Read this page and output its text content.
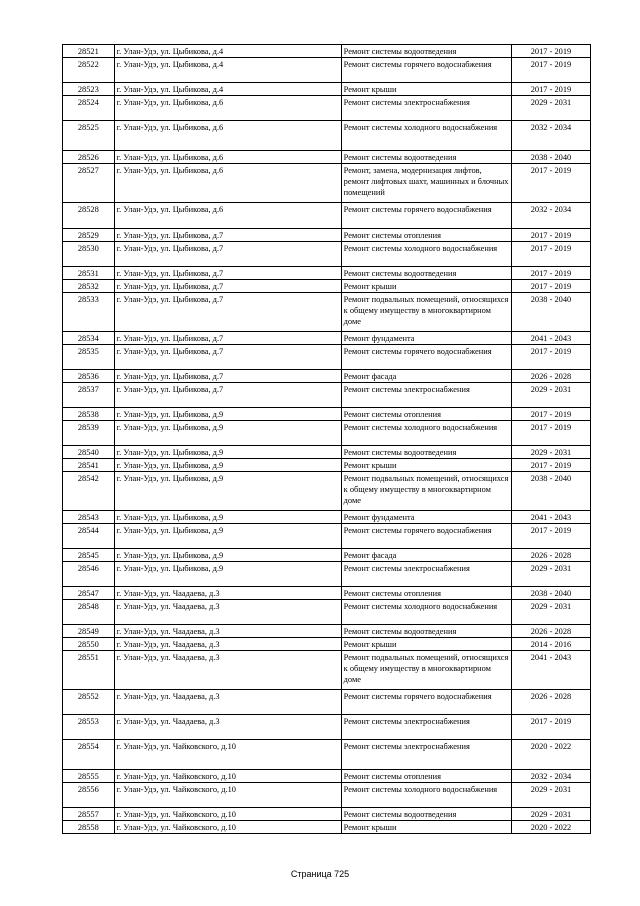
28521	г. Улан-Удэ, ул. Цыбикова, д.4	Ремонт системы водоотведения	2017 - 2019
28522	г. Улан-Удэ, ул. Цыбикова, д.4	Ремонт системы горячего водоснабжения	2017 - 2019
28523	г. Улан-Удэ, ул. Цыбикова, д.4	Ремонт крыши	2017 - 2019
28524	г. Улан-Удэ, ул. Цыбикова, д.6	Ремонт системы электроснабжения	2029 - 2031
28525	г. Улан-Удэ, ул. Цыбикова, д.6	Ремонт системы холодного водоснабжения	2032 - 2034
28526	г. Улан-Удэ, ул. Цыбикова, д.6	Ремонт системы водоотведения	2038 - 2040
28527	г. Улан-Удэ, ул. Цыбикова, д.6	Ремонт, замена, модернизация лифтов, ремонт лифтовых шахт, машинных и блочных помещений	2017 - 2019
28528	г. Улан-Удэ, ул. Цыбикова, д.6	Ремонт системы горячего водоснабжения	2032 - 2034
28529	г. Улан-Удэ, ул. Цыбикова, д.7	Ремонт системы отопления	2017 - 2019
28530	г. Улан-Удэ, ул. Цыбикова, д.7	Ремонт системы холодного водоснабжения	2017 - 2019
28531	г. Улан-Удэ, ул. Цыбикова, д.7	Ремонт системы водоотведения	2017 - 2019
28532	г. Улан-Удэ, ул. Цыбикова, д.7	Ремонт крыши	2017 - 2019
28533	г. Улан-Удэ, ул. Цыбикова, д.7	Ремонт подвальных помещений, относящихся к общему имуществу в многоквартирном доме	2038 - 2040
28534	г. Улан-Удэ, ул. Цыбикова, д.7	Ремонт фундамента	2041 - 2043
28535	г. Улан-Удэ, ул. Цыбикова, д.7	Ремонт системы горячего водоснабжения	2017 - 2019
28536	г. Улан-Удэ, ул. Цыбикова, д.7	Ремонт фасада	2026 - 2028
28537	г. Улан-Удэ, ул. Цыбикова, д.7	Ремонт системы электроснабжения	2029 - 2031
28538	г. Улан-Удэ, ул. Цыбикова, д.9	Ремонт системы отопления	2017 - 2019
28539	г. Улан-Удэ, ул. Цыбикова, д.9	Ремонт системы холодного водоснабжения	2017 - 2019
28540	г. Улан-Удэ, ул. Цыбикова, д.9	Ремонт системы водоотведения	2029 - 2031
28541	г. Улан-Удэ, ул. Цыбикова, д.9	Ремонт крыши	2017 - 2019
28542	г. Улан-Удэ, ул. Цыбикова, д.9	Ремонт подвальных помещений, относящихся к общему имуществу в многоквартирном доме	2038 - 2040
28543	г. Улан-Удэ, ул. Цыбикова, д.9	Ремонт фундамента	2041 - 2043
28544	г. Улан-Удэ, ул. Цыбикова, д.9	Ремонт системы горячего водоснабжения	2017 - 2019
28545	г. Улан-Удэ, ул. Цыбикова, д.9	Ремонт фасада	2026 - 2028
28546	г. Улан-Удэ, ул. Цыбикова, д.9	Ремонт системы электроснабжения	2029 - 2031
28547	г. Улан-Удэ, ул. Чаадаева, д.3	Ремонт системы отопления	2038 - 2040
28548	г. Улан-Удэ, ул. Чаадаева, д.3	Ремонт системы холодного водоснабжения	2029 - 2031
28549	г. Улан-Удэ, ул. Чаадаева, д.3	Ремонт системы водоотведения	2026 - 2028
28550	г. Улан-Удэ, ул. Чаадаева, д.3	Ремонт крыши	2014 - 2016
28551	г. Улан-Удэ, ул. Чаадаева, д.3	Ремонт подвальных помещений, относящихся к общему имуществу в многоквартирном доме	2041 - 2043
28552	г. Улан-Удэ, ул. Чаадаева, д.3	Ремонт системы горячего водоснабжения	2026 - 2028
28553	г. Улан-Удэ, ул. Чаадаева, д.3	Ремонт системы электроснабжения	2017 - 2019
28554	г. Улан-Удэ, ул. Чайковского, д.10	Ремонт системы электроснабжения	2020 - 2022
28555	г. Улан-Удэ, ул. Чайковского, д.10	Ремонт системы отопления	2032 - 2034
28556	г. Улан-Удэ, ул. Чайковского, д.10	Ремонт системы холодного водоснабжения	2029 - 2031
28557	г. Улан-Удэ, ул. Чайковского, д.10	Ремонт системы водоотведения	2029 - 2031
28558	г. Улан-Удэ, ул. Чайковского, д.10	Ремонт крыши	2020 - 2022
Страница 725
